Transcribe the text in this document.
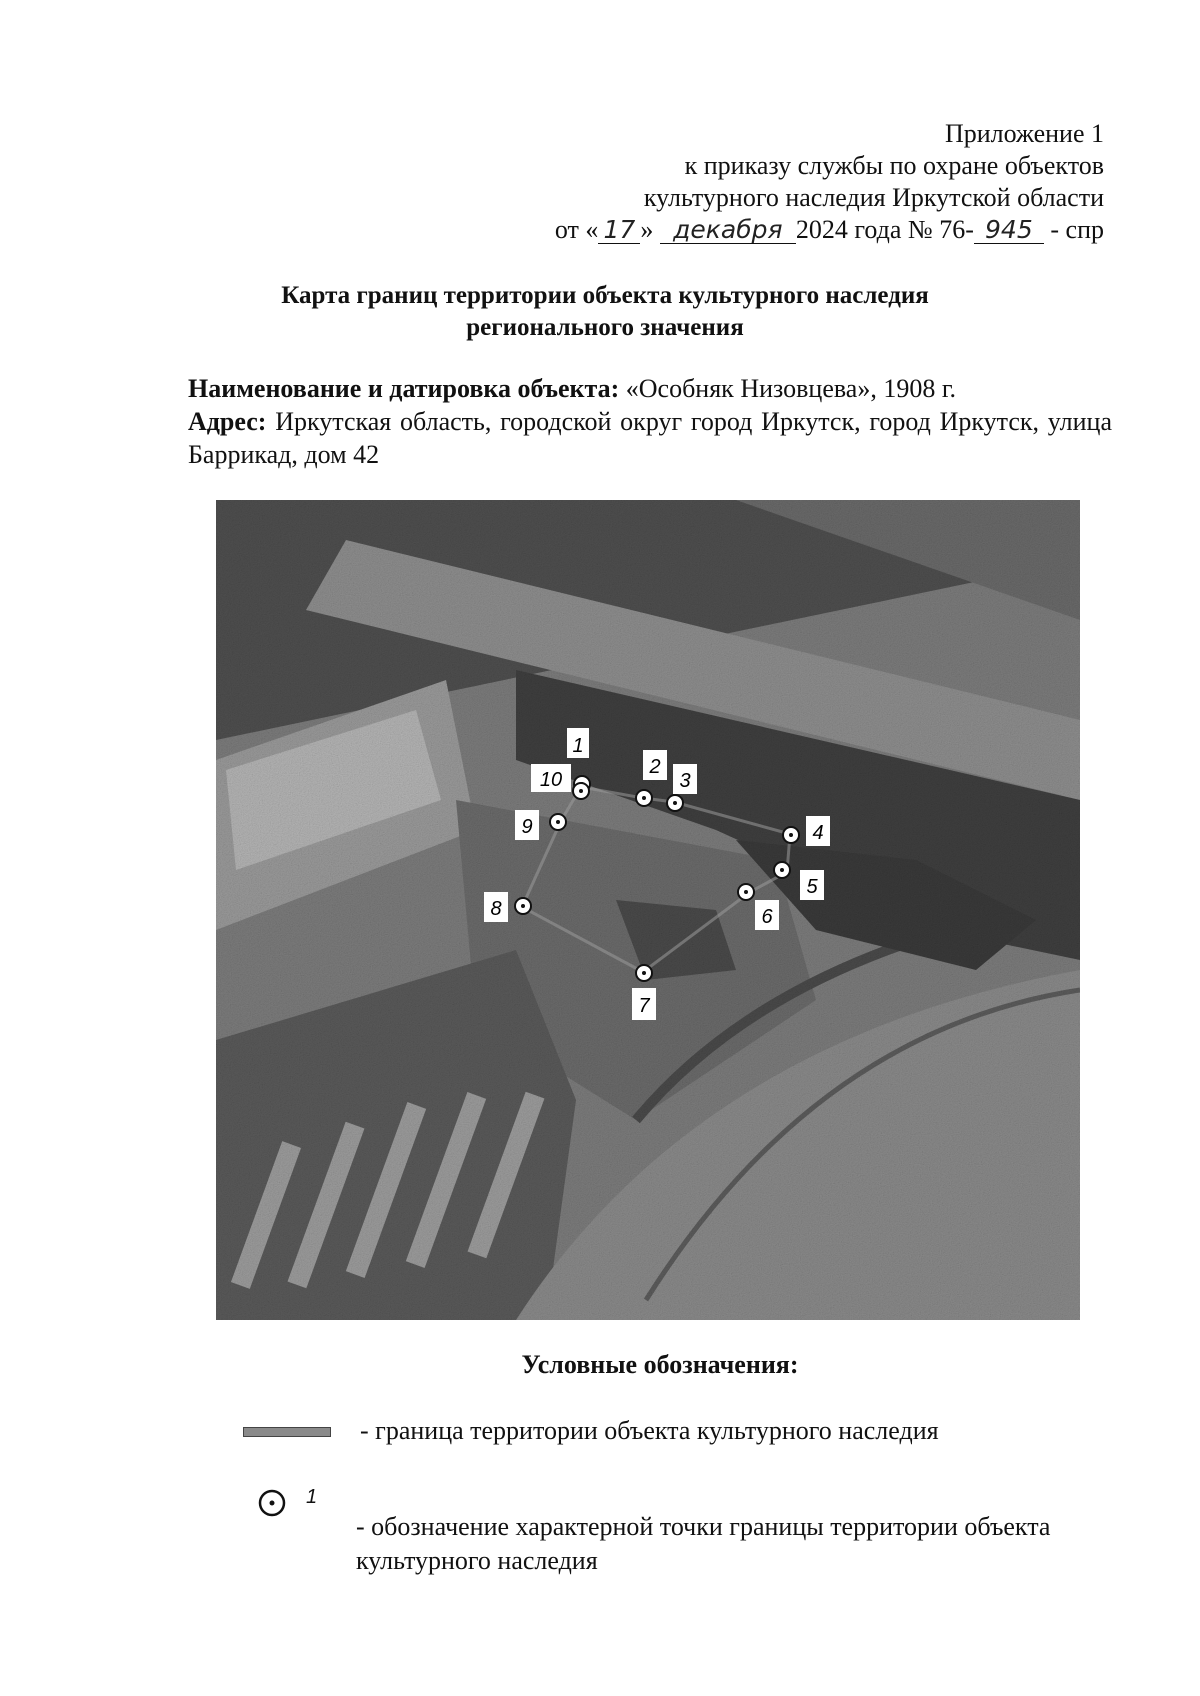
Приложение 1
к приказу службы по охране объектов
культурного наследия Иркутской области
от « 17 » декабря 2024 года № 76- 945 - спр
Карта границ территории объекта культурного наследия
регионального значения
Наименование и датировка объекта: «Особняк Низовцева», 1908 г.
Адрес: Иркутская область, городской округ город Иркутск, город Иркутск, улица Баррикад, дом 42
1
10
2
3
4
5
6
7
8
9
Условные обозначения:
- граница территории объекта культурного наследия
1
- обозначение характерной точки границы территории объекта
культурного наследия
